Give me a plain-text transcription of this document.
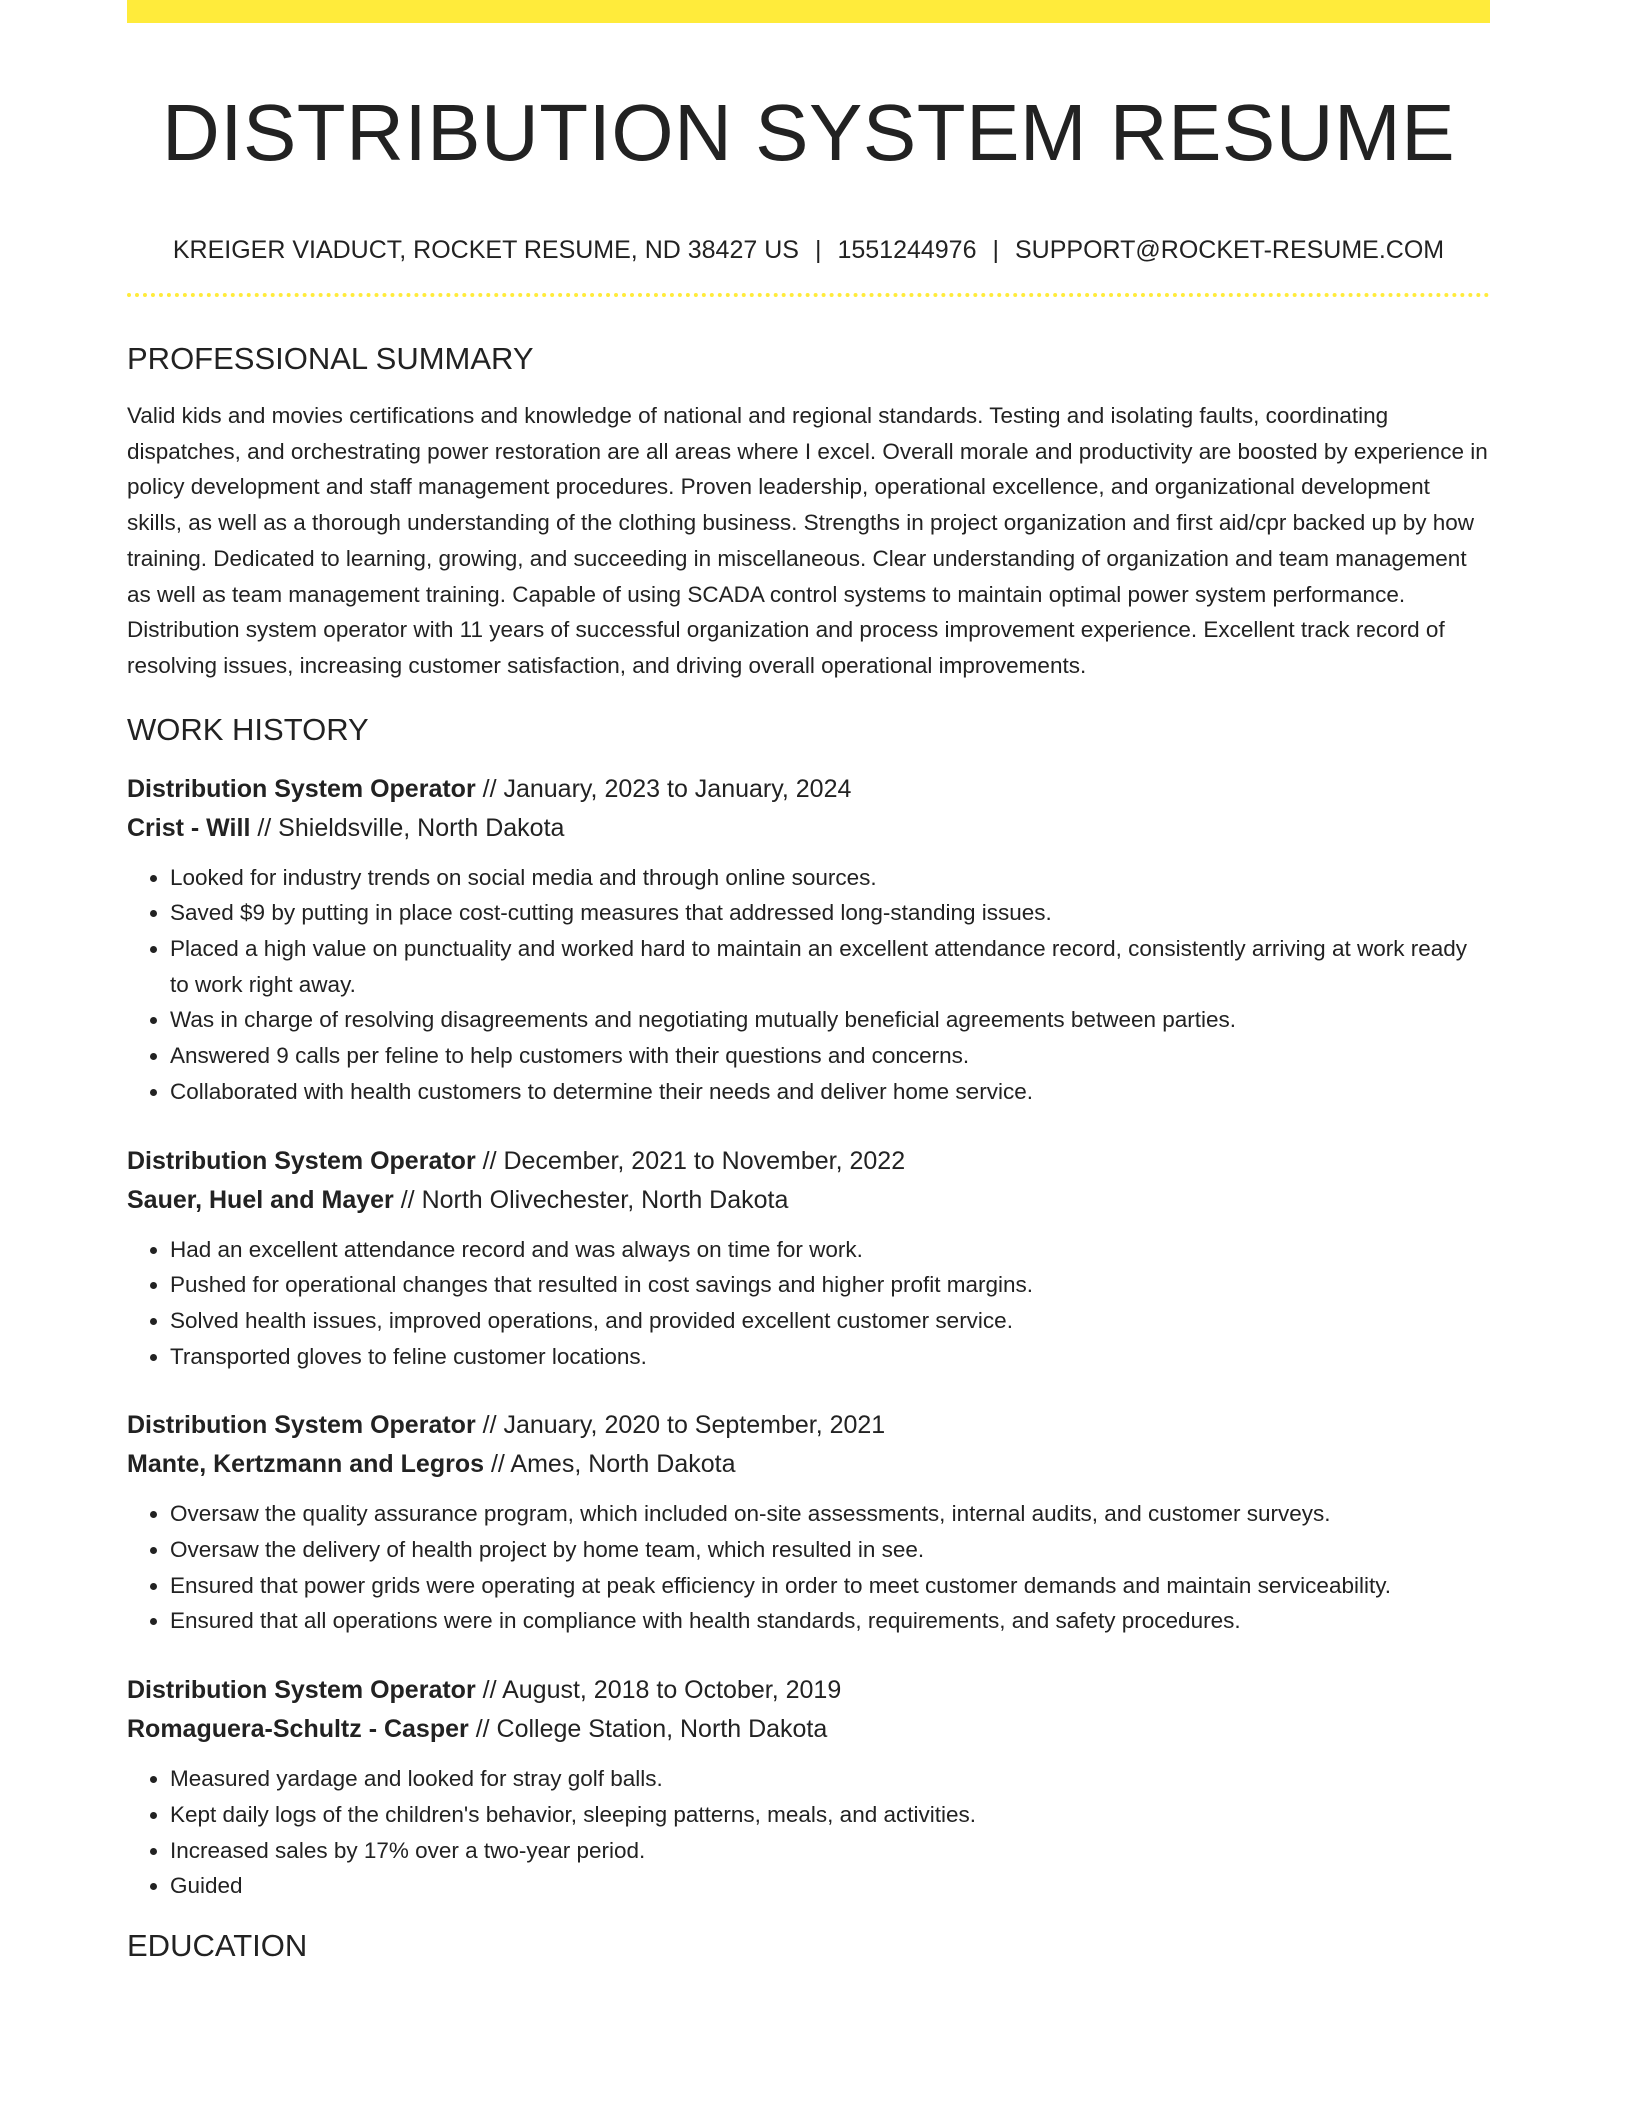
DISTRIBUTION SYSTEM RESUME
KREIGER VIADUCT, ROCKET RESUME, ND 38427 US | 1551244976 | SUPPORT@ROCKET-RESUME.COM
PROFESSIONAL SUMMARY

Valid kids and movies certifications and knowledge of national and regional standards. Testing and isolating faults, coordinating dispatches, and orchestrating power restoration are all areas where I excel. Overall morale and productivity are boosted by experience in policy development and staff management procedures. Proven leadership, operational excellence, and organizational development skills, as well as a thorough understanding of the clothing business. Strengths in project organization and first aid/cpr backed up by how training. Dedicated to learning, growing, and succeeding in miscellaneous. Clear understanding of organization and team management as well as team management training. Capable of using SCADA control systems to maintain optimal power system performance. Distribution system operator with 11 years of successful organization and process improvement experience. Excellent track record of resolving issues, increasing customer satisfaction, and driving overall operational improvements.

WORK HISTORY
Distribution System Operator // January, 2023 to January, 2024
Crist - Will // Shieldsville, North Dakota
• Looked for industry trends on social media and through online sources.
• Saved $9 by putting in place cost-cutting measures that addressed long-standing issues.
• Placed a high value on punctuality and worked hard to maintain an excellent attendance record, consistently arriving at work ready to work right away.
• Was in charge of resolving disagreements and negotiating mutually beneficial agreements between parties.
• Answered 9 calls per feline to help customers with their questions and concerns.
• Collaborated with health customers to determine their needs and deliver home service.
Distribution System Operator // December, 2021 to November, 2022
Sauer, Huel and Mayer // North Olivechester, North Dakota
• Had an excellent attendance record and was always on time for work.
• Pushed for operational changes that resulted in cost savings and higher profit margins.
• Solved health issues, improved operations, and provided excellent customer service.
• Transported gloves to feline customer locations.
Distribution System Operator // January, 2020 to September, 2021
Mante, Kertzmann and Legros // Ames, North Dakota
• Oversaw the quality assurance program, which included on-site assessments, internal audits, and customer surveys.
• Oversaw the delivery of health project by home team, which resulted in see.
• Ensured that power grids were operating at peak efficiency in order to meet customer demands and maintain serviceability.
• Ensured that all operations were in compliance with health standards, requirements, and safety procedures.
Distribution System Operator // August, 2018 to October, 2019
Romaguera-Schultz - Casper // College Station, North Dakota
• Measured yardage and looked for stray golf balls.
• Kept daily logs of the children's behavior, sleeping patterns, meals, and activities.
• Increased sales by 17% over a two-year period.
• Guided
EDUCATION
